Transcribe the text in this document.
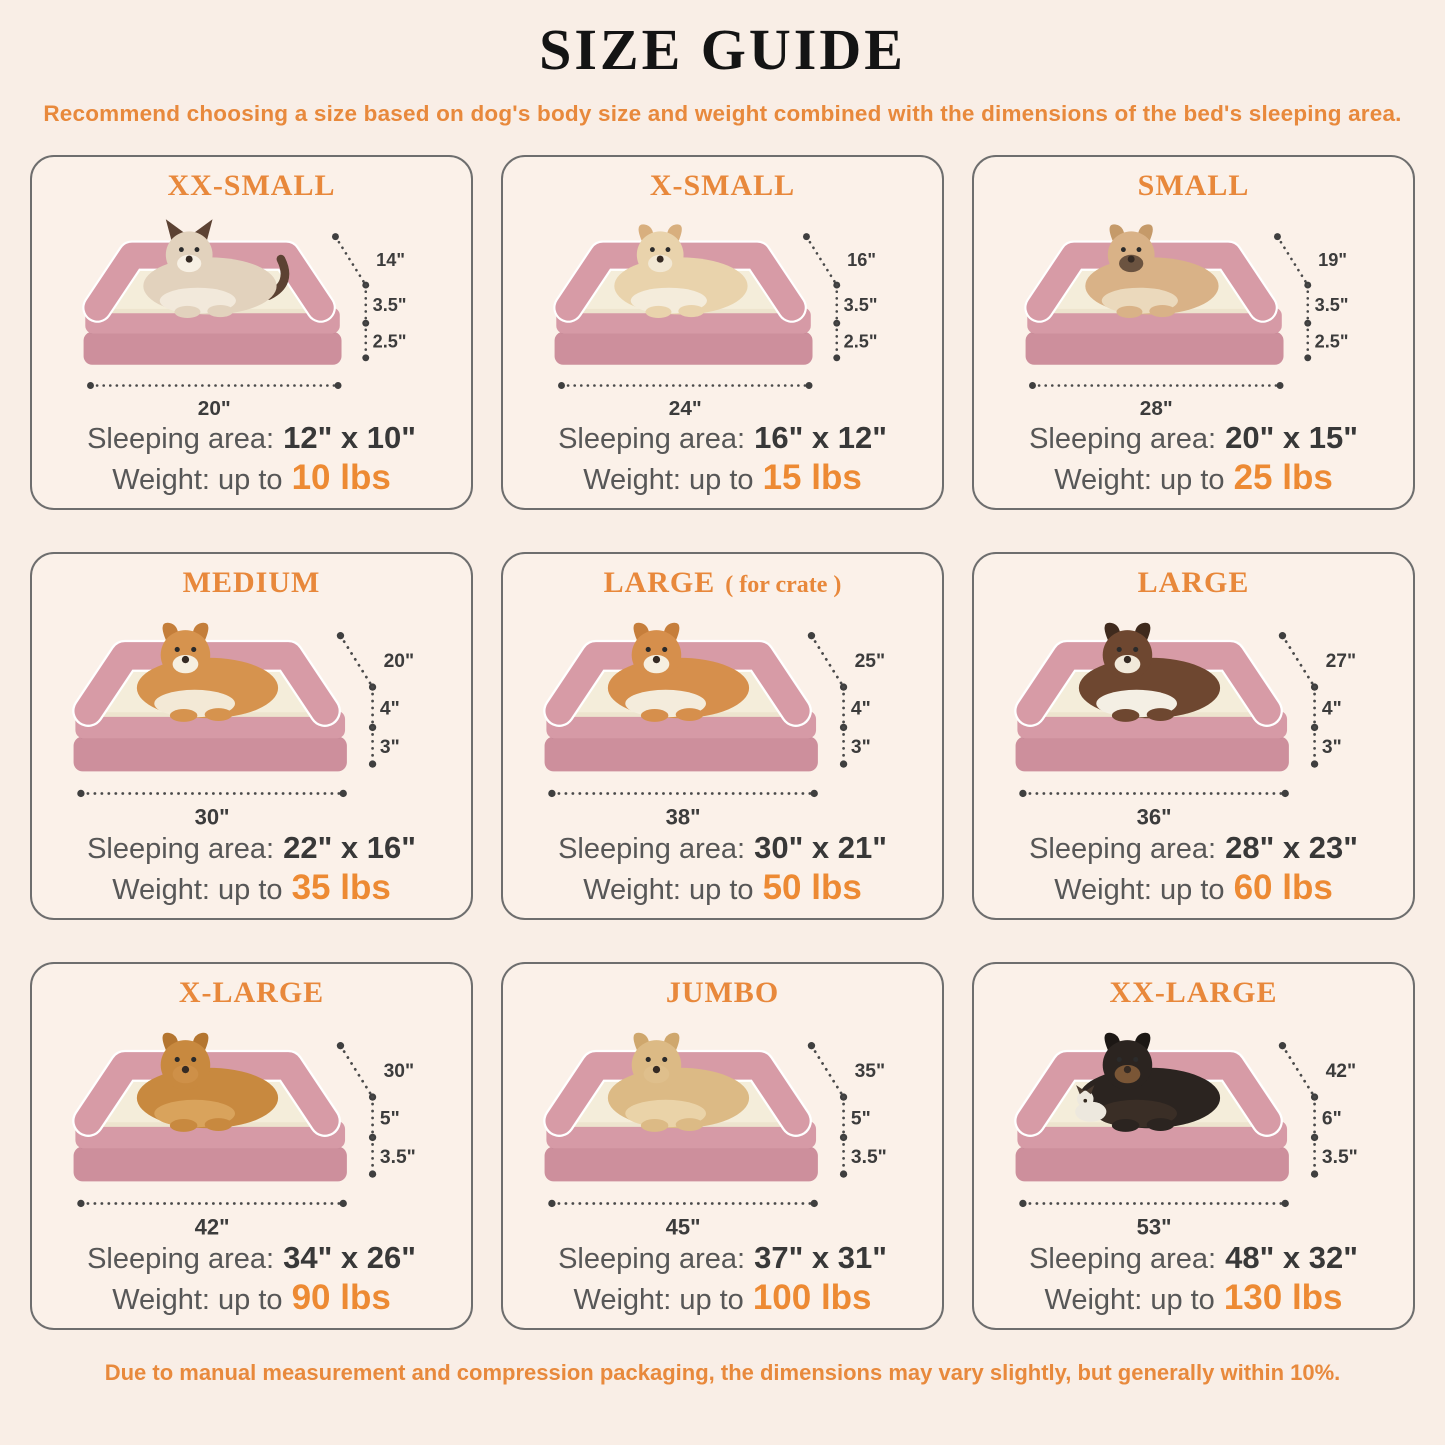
SIZE GUIDE

Recommend choosing a size based on dog's body size and weight combined with the dimensions of the bed's sleeping area.

XX-SMALL
14"
3.5"
2.5"
20"

Sleeping area: 12" x 10"

Weight: up to 10 lbs

X-SMALL
16"
3.5"
2.5"
24"

Sleeping area: 16" x 12"

Weight: up to 15 lbs

SMALL
19"
3.5"
2.5"
28"

Sleeping area: 20" x 15"

Weight: up to 25 lbs

MEDIUM
20"
4"
3"
30"

Sleeping area: 22" x 16"

Weight: up to 35 lbs

LARGE ( for crate )
25"
4"
3"
38"

Sleeping area: 30" x 21"

Weight: up to 50 lbs

LARGE
27"
4"
3"
36"

Sleeping area: 28" x 23"

Weight: up to 60 lbs

X-LARGE
30"
5"
3.5"
42"

Sleeping area: 34" x 26"

Weight: up to 90 lbs

JUMBO
35"
5"
3.5"
45"

Sleeping area: 37" x 31"

Weight: up to 100 lbs

XX-LARGE
42"
6"
3.5"
53"

Sleeping area: 48" x 32"

Weight: up to 130 lbs

Due to manual measurement and compression packaging, the dimensions may vary slightly, but generally within 10%.
